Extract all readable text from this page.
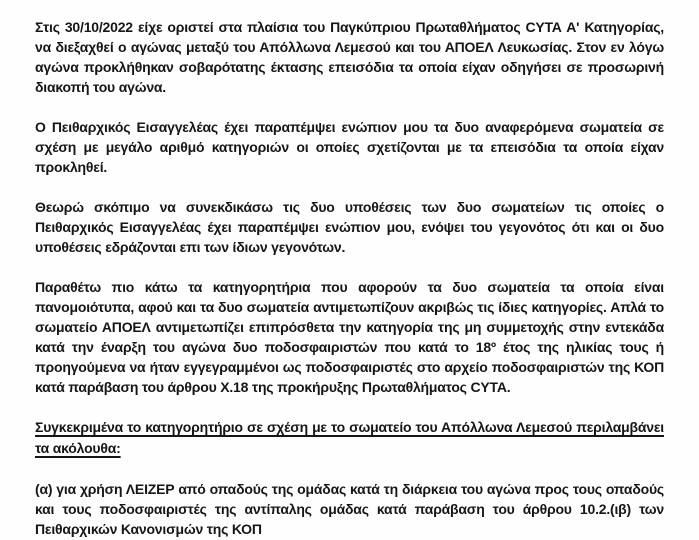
Στις 30/10/2022 είχε οριστεί στα πλαίσια του Παγκύπριου Πρωταθλήματος CYTA Α' Κατηγορίας, να διεξαχθεί ο αγώνας μεταξύ του Απόλλωνα Λεμεσού και του ΑΠΟΕΛ Λευκωσίας. Στον εν λόγω αγώνα προκλήθηκαν σοβαρότατης έκτασης επεισόδια τα οποία είχαν οδηγήσει σε προσωρινή διακοπή του αγώνα.

Ο Πειθαρχικός Εισαγγελέας έχει παραπέμψει ενώπιον μου τα δυο αναφερόμενα σωματεία σε σχέση με μεγάλο αριθμό κατηγοριών οι οποίες σχετίζονται με τα επεισόδια τα οποία είχαν προκληθεί.

Θεωρώ σκόπιμο να συνεκδικάσω τις δυο υποθέσεις των δυο σωματείων τις οποίες ο Πειθαρχικός Εισαγγελέας έχει παραπέμψει ενώπιον μου, ενόψει του γεγονότος ότι και οι δυο υποθέσεις εδράζονται επι των ίδιων γεγονότων.

Παραθέτω πιο κάτω τα κατηγορητήρια που αφορούν τα δυο σωματεία τα οποία είναι πανομοιότυπα, αφού και τα δυο σωματεία αντιμετωπίζουν ακριβώς τις ίδιες κατηγορίες. Απλά το σωματείο ΑΠΟΕΛ αντιμετωπίζει επιπρόσθετα την κατηγορία της μη συμμετοχής στην εντεκάδα κατά την έναρξη του αγώνα δυο ποδοσφαιριστών που κατά το 18º έτος της ηλικίας τους ή προηγούμενα να ήταν εγγεγραμμένοι ως ποδοσφαιριστές στο αρχείο ποδοσφαιριστών της ΚΟΠ κατά παράβαση του άρθρου Χ.18 της προκήρυξης Πρωταθλήματος CYTA.

Συγκεκριμένα το κατηγορητήριο σε σχέση με το σωματείο του Απόλλωνα Λεμεσού περιλαμβάνει τα ακόλουθα:

(α) για χρήση ΛΕΙΖΕΡ από οπαδούς της ομάδας κατά τη διάρκεια του αγώνα προς τους οπαδούς και τους ποδοσφαιριστές της αντίπαλης ομάδας κατά παράβαση του άρθρου 10.2.(ιβ) των Πειθαρχικών Κανονισμών της ΚΟΠ
